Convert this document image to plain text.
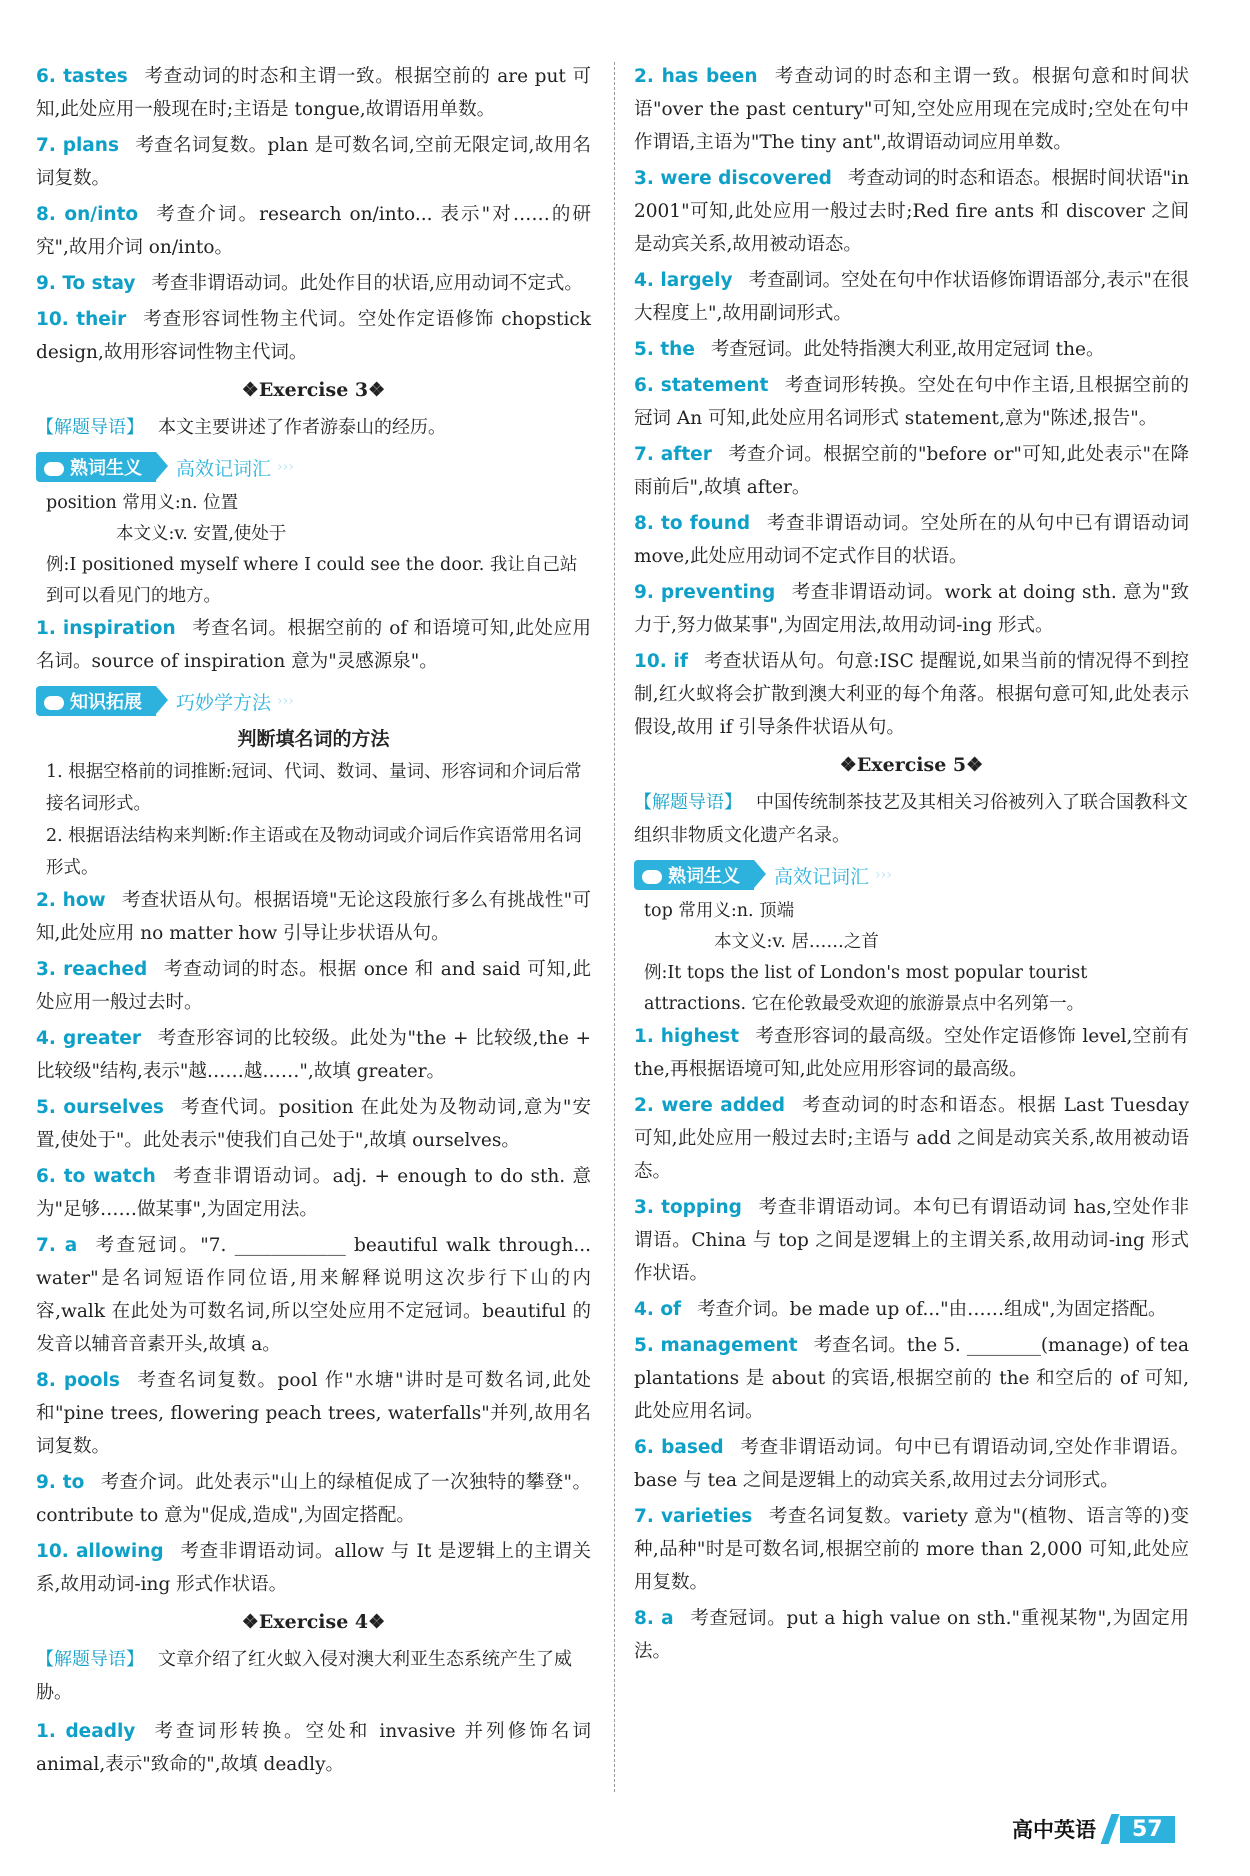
6. tastes 考查动词的时态和主谓一致。根据空前的 are put 可知,此处应用一般现在时;主语是 tongue,故谓语用单数。
7. plans 考查名词复数。plan 是可数名词,空前无限定词,故用名词复数。
8. on/into 考查介词。research on/into... 表示"对……的研究",故用介词 on/into。
9. To stay 考查非谓语动词。此处作目的状语,应用动词不定式。
10. their 考查形容词性物主代词。空处作定语修饰 chopstick design,故用形容词性物主代词。
❖Exercise 3❖
【解题导语】 本文主要讲述了作者游泰山的经历。
熟词生义	高效记词汇 ›››
position 常用义:n. 位置
本文义:v. 安置,使处于
例:I positioned myself where I could see the door. 我让自己站到可以看见门的地方。
1. inspiration 考查名词。根据空前的 of 和语境可知,此处应用名词。source of inspiration 意为"灵感源泉"。
知识拓展	巧妙学方法 ›››
判断填名词的方法
1. 根据空格前的词推断:冠词、代词、数词、量词、形容词和介词后常接名词形式。
2. 根据语法结构来判断:作主语或在及物动词或介词后作宾语常用名词形式。
2. how 考查状语从句。根据语境"无论这段旅行多么有挑战性"可知,此处应用 no matter how 引导让步状语从句。
3. reached 考查动词的时态。根据 once 和 and said 可知,此处应用一般过去时。
4. greater 考查形容词的比较级。此处为"the + 比较级,the + 比较级"结构,表示"越……越……",故填 greater。
5. ourselves 考查代词。position 在此处为及物动词,意为"安置,使处于"。此处表示"使我们自己处于",故填 ourselves。
6. to watch 考查非谓语动词。adj. + enough to do sth. 意为"足够……做某事",为固定用法。
7. a 考查冠词。"7. ____________ beautiful walk through... water"是名词短语作同位语,用来解释说明这次步行下山的内容,walk 在此处为可数名词,所以空处应用不定冠词。beautiful 的发音以辅音音素开头,故填 a。
8. pools 考查名词复数。pool 作"水塘"讲时是可数名词,此处和"pine trees, flowering peach trees, waterfalls"并列,故用名词复数。
9. to 考查介词。此处表示"山上的绿植促成了一次独特的攀登"。contribute to 意为"促成,造成",为固定搭配。
10. allowing 考查非谓语动词。allow 与 It 是逻辑上的主谓关系,故用动词-ing 形式作状语。
❖Exercise 4❖
【解题导语】 文章介绍了红火蚁入侵对澳大利亚生态系统产生了威胁。
1. deadly 考查词形转换。空处和 invasive 并列修饰名词 animal,表示"致命的",故填 deadly。
2. has been 考查动词的时态和主谓一致。根据句意和时间状语"over the past century"可知,空处应用现在完成时;空处在句中作谓语,主语为"The tiny ant",故谓语动词应用单数。
3. were discovered 考查动词的时态和语态。根据时间状语"in 2001"可知,此处应用一般过去时;Red fire ants 和 discover 之间是动宾关系,故用被动语态。
4. largely 考查副词。空处在句中作状语修饰谓语部分,表示"在很大程度上",故用副词形式。
5. the 考查冠词。此处特指澳大利亚,故用定冠词 the。
6. statement 考查词形转换。空处在句中作主语,且根据空前的冠词 An 可知,此处应用名词形式 statement,意为"陈述,报告"。
7. after 考查介词。根据空前的"before or"可知,此处表示"在降雨前后",故填 after。
8. to found 考查非谓语动词。空处所在的从句中已有谓语动词 move,此处应用动词不定式作目的状语。
9. preventing 考查非谓语动词。work at doing sth. 意为"致力于,努力做某事",为固定用法,故用动词-ing 形式。
10. if 考查状语从句。句意:ISC 提醒说,如果当前的情况得不到控制,红火蚁将会扩散到澳大利亚的每个角落。根据句意可知,此处表示假设,故用 if 引导条件状语从句。
❖Exercise 5❖
【解题导语】 中国传统制茶技艺及其相关习俗被列入了联合国教科文组织非物质文化遗产名录。
熟词生义	高效记词汇 ›››
top 常用义:n. 顶端
本文义:v. 居……之首
例:It tops the list of London's most popular tourist attractions. 它在伦敦最受欢迎的旅游景点中名列第一。
1. highest 考查形容词的最高级。空处作定语修饰 level,空前有 the,再根据语境可知,此处应用形容词的最高级。
2. were added 考查动词的时态和语态。根据 Last Tuesday 可知,此处应用一般过去时;主语与 add 之间是动宾关系,故用被动语态。
3. topping 考查非谓语动词。本句已有谓语动词 has,空处作非谓语。China 与 top 之间是逻辑上的主谓关系,故用动词-ing 形式作状语。
4. of 考查介词。be made up of..."由……组成",为固定搭配。
5. management 考查名词。the 5. ________(manage) of tea plantations 是 about 的宾语,根据空前的 the 和空后的 of 可知,此处应用名词。
6. based 考查非谓语动词。句中已有谓语动词,空处作非谓语。base 与 tea 之间是逻辑上的动宾关系,故用过去分词形式。
7. varieties 考查名词复数。variety 意为"(植物、语言等的)变种,品种"时是可数名词,根据空前的 more than 2,000 可知,此处应用复数。
8. a 考查冠词。put a high value on sth."重视某物",为固定用法。
高中英语	57
